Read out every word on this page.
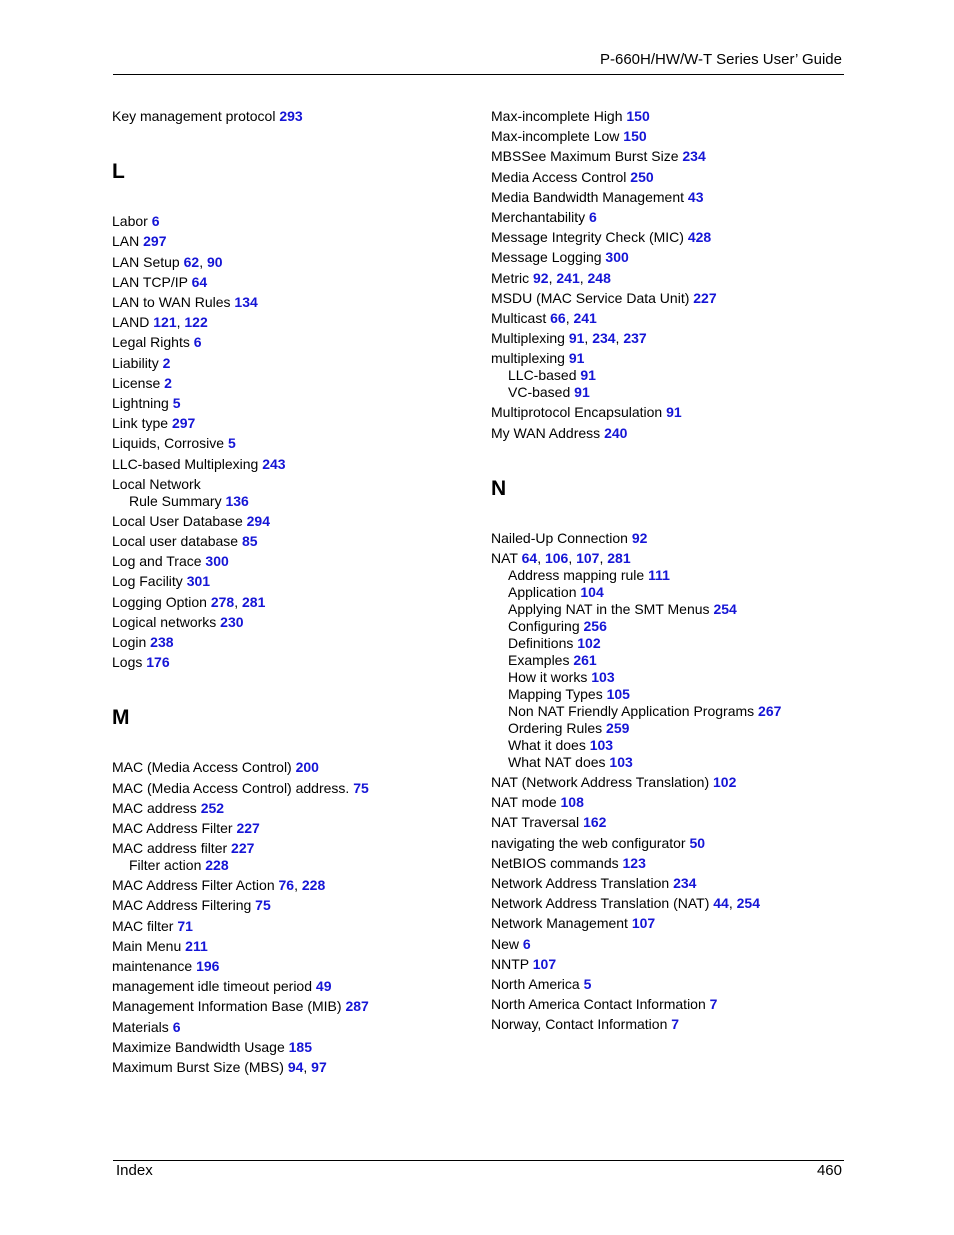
P-660H/HW/W-T Series User’ Guide
Key management protocol 293
L
Labor 6
LAN 297
LAN Setup 62, 90
LAN TCP/IP 64
LAN to WAN Rules 134
LAND 121, 122
Legal Rights 6
Liability 2
License 2
Lightning 5
Link type 297
Liquids, Corrosive 5
LLC-based Multiplexing 243
Local Network
Rule Summary 136
Local User Database 294
Local user database 85
Log and Trace 300
Log Facility 301
Logging Option 278, 281
Logical networks 230
Login 238
Logs 176
M
MAC (Media Access Control) 200
MAC (Media Access Control) address. 75
MAC address 252
MAC Address Filter 227
MAC address filter 227
Filter action 228
MAC Address Filter Action 76, 228
MAC Address Filtering 75
MAC filter 71
Main Menu 211
maintenance 196
management idle timeout period 49
Management Information Base (MIB) 287
Materials 6
Maximize Bandwidth Usage 185
Maximum Burst Size (MBS) 94, 97
Max-incomplete High 150
Max-incomplete Low 150
MBSSee Maximum Burst Size 234
Media Access Control 250
Media Bandwidth Management 43
Merchantability 6
Message Integrity Check (MIC) 428
Message Logging 300
Metric 92, 241, 248
MSDU (MAC Service Data Unit) 227
Multicast 66, 241
Multiplexing 91, 234, 237
multiplexing 91
LLC-based 91
VC-based 91
Multiprotocol Encapsulation 91
My WAN Address 240
N
Nailed-Up Connection 92
NAT 64, 106, 107, 281
Address mapping rule 111
Application 104
Applying NAT in the SMT Menus 254
Configuring 256
Definitions 102
Examples 261
How it works 103
Mapping Types 105
Non NAT Friendly Application Programs 267
Ordering Rules 259
What it does 103
What NAT does 103
NAT (Network Address Translation) 102
NAT mode 108
NAT Traversal 162
navigating the web configurator 50
NetBIOS commands 123
Network Address Translation 234
Network Address Translation (NAT) 44, 254
Network Management 107
New 6
NNTP 107
North America 5
North America Contact Information 7
Norway, Contact Information 7
Index	460
